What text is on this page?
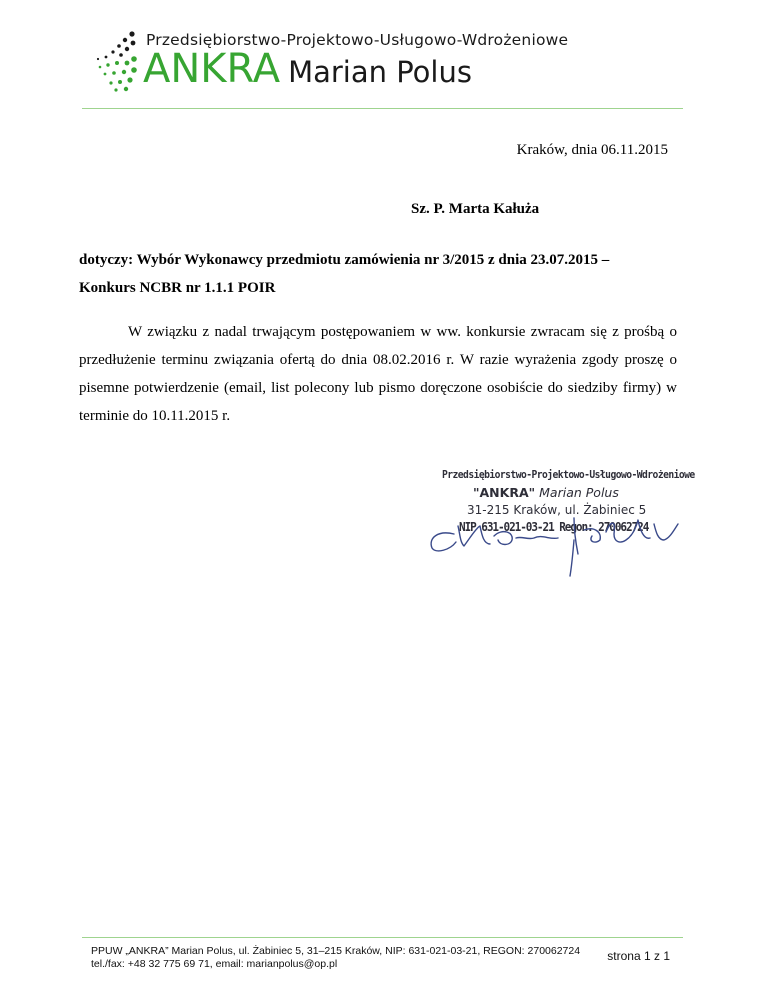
Przedsiębiorstwo-Projektowo-Usługowo-Wdrożeniowe
ANKRA Marian Polus
Kraków, dnia 06.11.2015
Sz. P. Marta Kałuża

dotyczy: Wybór Wykonawcy przedmiotu zamówienia nr 3/2015 z dnia 23.07.2015 –
Konkurs NCBR nr 1.1.1 POIR

W związku z nadal trwającym postępowaniem w ww. konkursie zwracam się z prośbą o przedłużenie terminu związania ofertą do dnia 08.02.2016 r. W razie wyrażenia zgody proszę o pisemne potwierdzenie (email, list polecony lub pismo doręczone osobiście do siedziby firmy) w terminie do 10.11.2015 r.

Przedsiębiorstwo-Projektowo-Usługowo-Wdrożeniowe
"ANKRA" Marian Polus
31-215 Kraków, ul. Żabiniec 5
NIP 631-021-03-21 Regon: 270062724
PPUW „ANKRA” Marian Polus, ul. Żabiniec 5, 31–215 Kraków, NIP: 631-021-03-21, REGON: 270062724
tel./fax: +48 32 775 69 71, email: marianpolus@op.pl
strona 1 z 1
